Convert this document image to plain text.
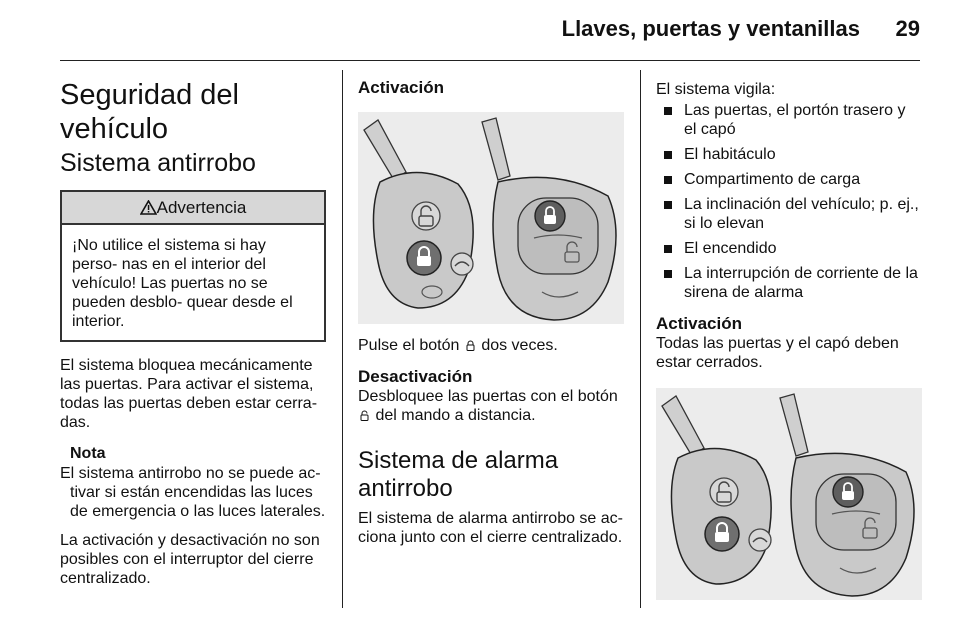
Llaves, puertas y ventanillas 29
Seguridad del vehículo
Sistema antirrobo
Advertencia

¡No utilice el sistema si hay perso- nas en el interior del vehículo! Las puertas no se pueden desblo- quear desde el interior.

El sistema bloquea mecánicamente las puertas. Para activar el sistema, todas las puertas deben estar cerra- das.

Nota

El sistema antirrobo no se puede ac- tivar si están encendidas las luces de emergencia o las luces laterales.

La activación y desactivación no son posibles con el interruptor del cierre centralizado.

Activación

Pulse el botón dos veces.

Desactivación

Desbloquee las puertas con el botón  del mando a distancia.

Sistema de alarma antirrobo

El sistema de alarma antirrobo se ac- ciona junto con el cierre centralizado.

El sistema vigila:

Las puertas, el portón trasero y el capó
El habitáculo
Compartimento de carga
La inclinación del vehículo; p. ej., si lo elevan
El encendido
La interrupción de corriente de la sirena de alarma
Activación

Todas las puertas y el capó deben estar cerrados.
